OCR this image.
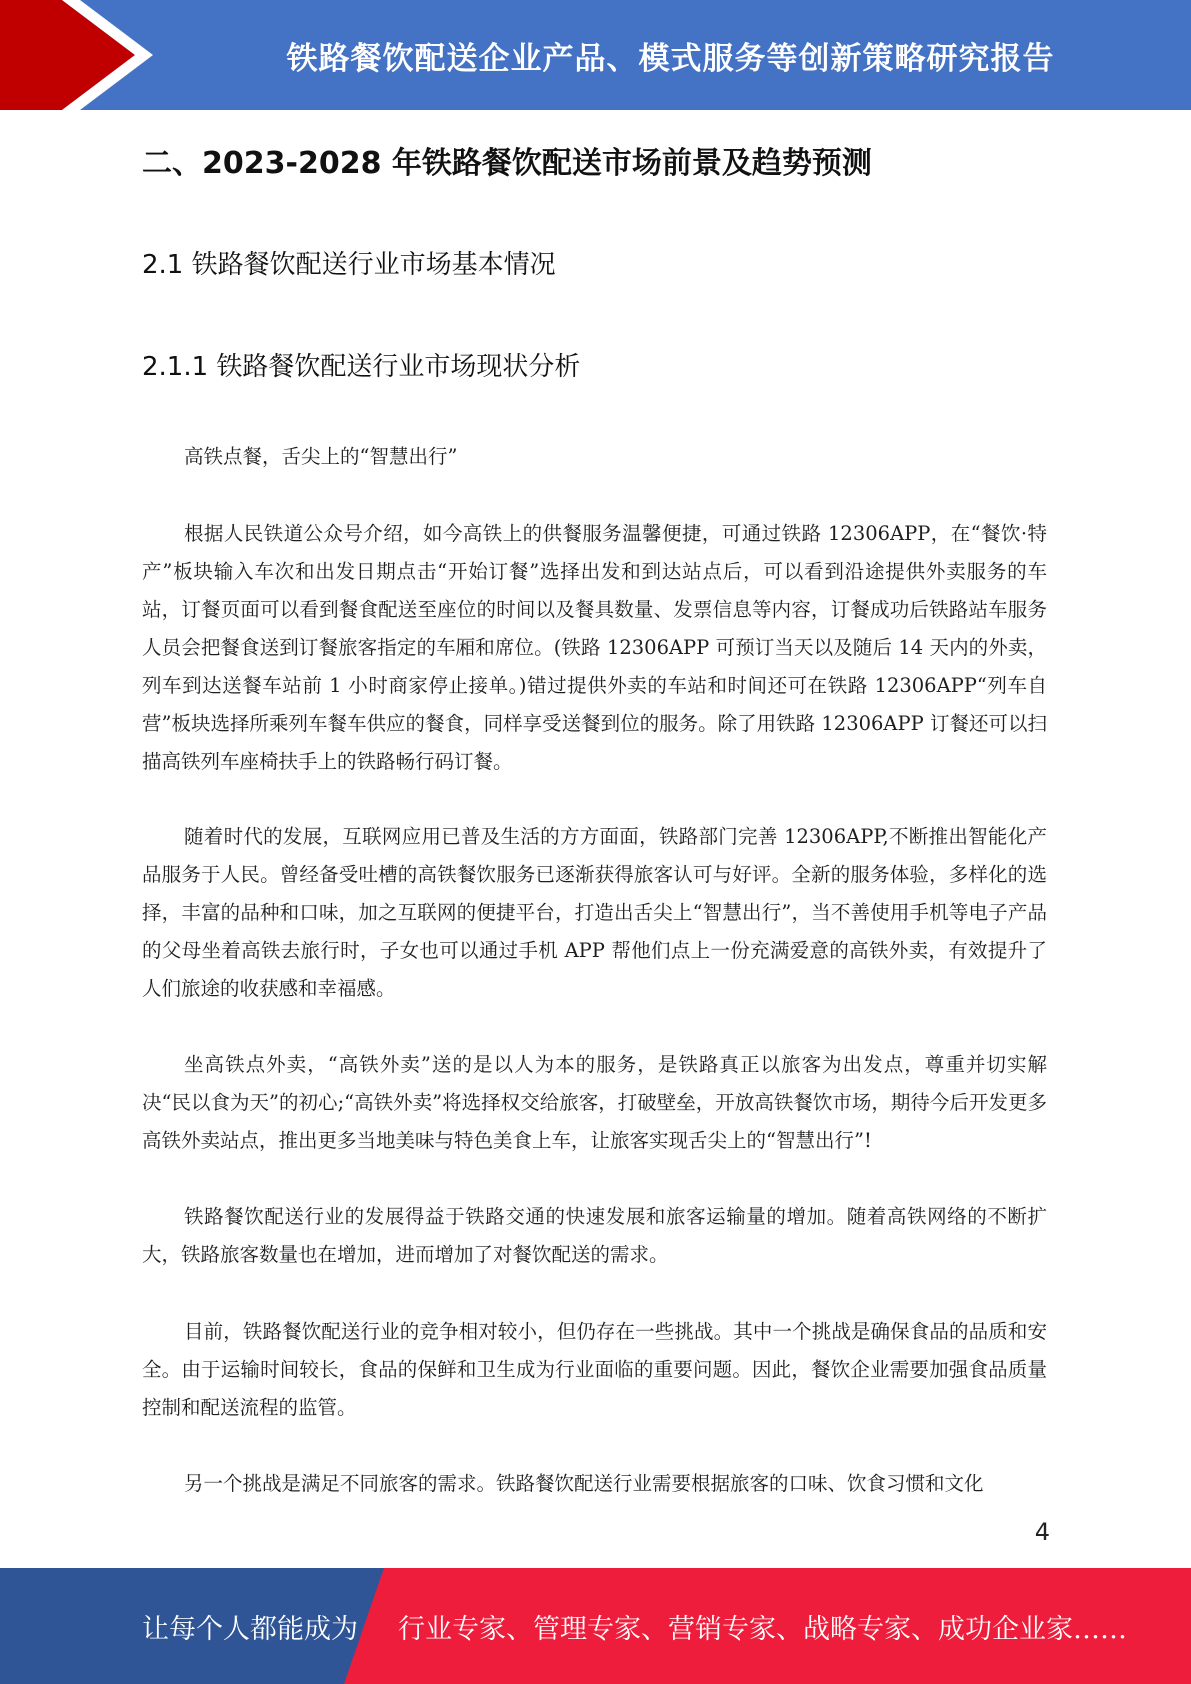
铁路餐饮配送企业产品、模式服务等创新策略研究报告
二、2023-2028 年铁路餐饮配送市场前景及趋势预测
2.1 铁路餐饮配送行业市场基本情况
2.1.1 铁路餐饮配送行业市场现状分析

高铁点餐，舌尖上的“智慧出行”

根据人民铁道公众号介绍，如今高铁上的供餐服务温馨便捷，可通过铁路 12306APP，在“餐饮·特产”板块输入车次和出发日期点击“开始订餐”选择出发和到达站点后，可以看到沿途提供外卖服务的车站，订餐页面可以看到餐食配送至座位的时间以及餐具数量、发票信息等内容，订餐成功后铁路站车服务人员会把餐食送到订餐旅客指定的车厢和席位。(铁路 12306APP 可预订当天以及随后 14 天内的外卖，列车到达送餐车站前 1 小时商家停止接单。)错过提供外卖的车站和时间还可在铁路 12306APP“列车自营”板块选择所乘列车餐车供应的餐食，同样享受送餐到位的服务。除了用铁路 12306APP 订餐还可以扫描高铁列车座椅扶手上的铁路畅行码订餐。

随着时代的发展，互联网应用已普及生活的方方面面，铁路部门完善 12306APP,不断推出智能化产品服务于人民。曾经备受吐槽的高铁餐饮服务已逐渐获得旅客认可与好评。全新的服务体验，多样化的选择，丰富的品种和口味，加之互联网的便捷平台，打造出舌尖上“智慧出行”，当不善使用手机等电子产品的父母坐着高铁去旅行时，子女也可以通过手机 APP 帮他们点上一份充满爱意的高铁外卖，有效提升了人们旅途的收获感和幸福感。

坐高铁点外卖，“高铁外卖”送的是以人为本的服务，是铁路真正以旅客为出发点，尊重并切实解决“民以食为天”的初心;“高铁外卖”将选择权交给旅客，打破壁垒，开放高铁餐饮市场，期待今后开发更多高铁外卖站点，推出更多当地美味与特色美食上车，让旅客实现舌尖上的“智慧出行”!

铁路餐饮配送行业的发展得益于铁路交通的快速发展和旅客运输量的增加。随着高铁网络的不断扩大，铁路旅客数量也在增加，进而增加了对餐饮配送的需求。

目前，铁路餐饮配送行业的竞争相对较小，但仍存在一些挑战。其中一个挑战是确保食品的品质和安全。由于运输时间较长，食品的保鲜和卫生成为行业面临的重要问题。因此，餐饮企业需要加强食品质量控制和配送流程的监管。

另一个挑战是满足不同旅客的需求。铁路餐饮配送行业需要根据旅客的口味、饮食习惯和文化

4
让每个人都能成为 行业专家、管理专家、营销专家、战略专家、成功企业家……
